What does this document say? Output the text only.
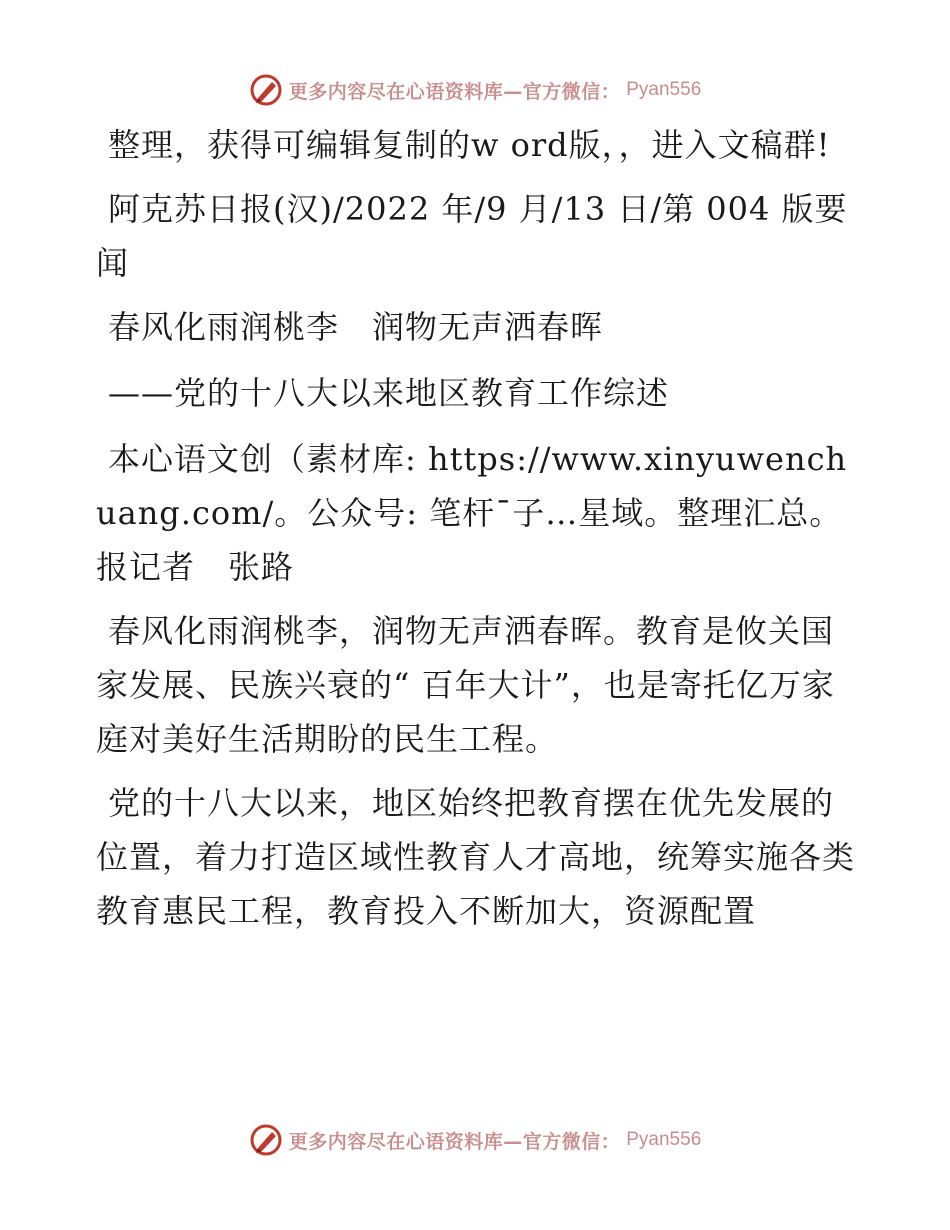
更多内容尽在心语资料库—官方微信： Pyan556

整理，获得可编辑复制的w ord版，，进入文稿群!

阿克苏日报(汉)/2022 年/9 月/13 日/第 004 版要闻

春风化雨润桃李　润物无声洒春晖

——党的十八大以来地区教育工作综述

本心语文创（素材库: https://www.xinyuwenchuang.com/。公众号: 笔杆¯子…星域。整理汇总。报记者　张路

春风化雨润桃李，润物无声洒春晖。教育是攸关国家发展、民族兴衰的“ 百年大计”，也是寄托亿万家庭对美好生活期盼的民生工程。

党的十八大以来，地区始终把教育摆在优先发展的位置，着力打造区域性教育人才高地，统筹实施各类教育惠民工程，教育投入不断加大，资源配置

更多内容尽在心语资料库—官方微信： Pyan556
